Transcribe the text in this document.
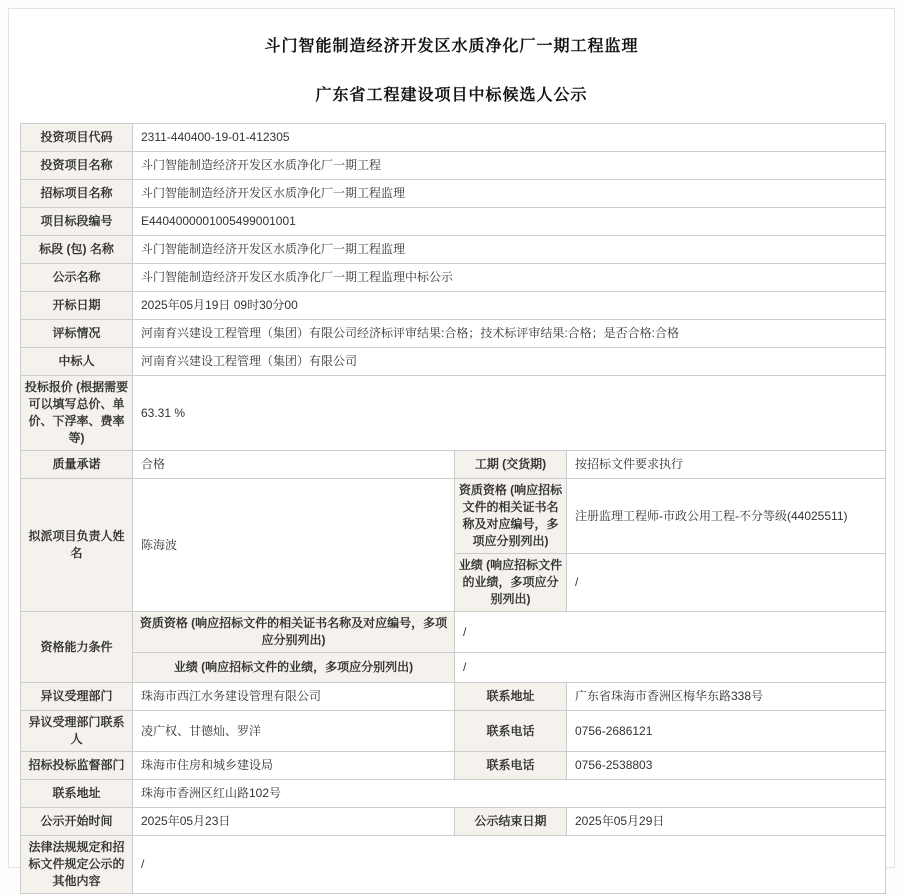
斗门智能制造经济开发区水质净化厂一期工程监理
广东省工程建设项目中标候选人公示
投资项目代码	2311-440400-19-01-412305		
投资项目名称	斗门智能制造经济开发区水质净化厂一期工程		
招标项目名称	斗门智能制造经济开发区水质净化厂一期工程监理		
项目标段编号	E4404000001005499001001		
标段 (包) 名称	斗门智能制造经济开发区水质净化厂一期工程监理		
公示名称	斗门智能制造经济开发区水质净化厂一期工程监理中标公示		
开标日期	2025年05月19日 09时30分00		
评标情况	河南育兴建设工程管理（集团）有限公司经济标评审结果:合格；技术标评审结果:合格；是否合格:合格		
中标人	河南育兴建设工程管理（集团）有限公司		
投标报价 (根据需要可以填写总价、单价、下浮率、费率等)	63.31 %		
质量承诺	合格	工期 (交货期)	按招标文件要求执行
拟派项目负责人姓名	陈海波	资质资格 (响应招标文件的相关证书名称及对应编号，多项应分别列出)	注册监理工程师-市政公用工程-不分等级(44025511)
		业绩 (响应招标文件的业绩，多项应分别列出)	/
资格能力条件	资质资格 (响应招标文件的相关证书名称及对应编号，多项应分别列出)	/	
	业绩 (响应招标文件的业绩，多项应分别列出)	/	
异议受理部门	珠海市西江水务建设管理有限公司	联系地址	广东省珠海市香洲区梅华东路338号
异议受理部门联系人	凌广权、甘德灿、罗洋	联系电话	0756-2686121
招标投标监督部门	珠海市住房和城乡建设局	联系电话	0756-2538803
联系地址	珠海市香洲区红山路102号		
公示开始时间	2025年05月23日	公示结束日期	2025年05月29日
法律法规规定和招标文件规定公示的其他内容	/		
